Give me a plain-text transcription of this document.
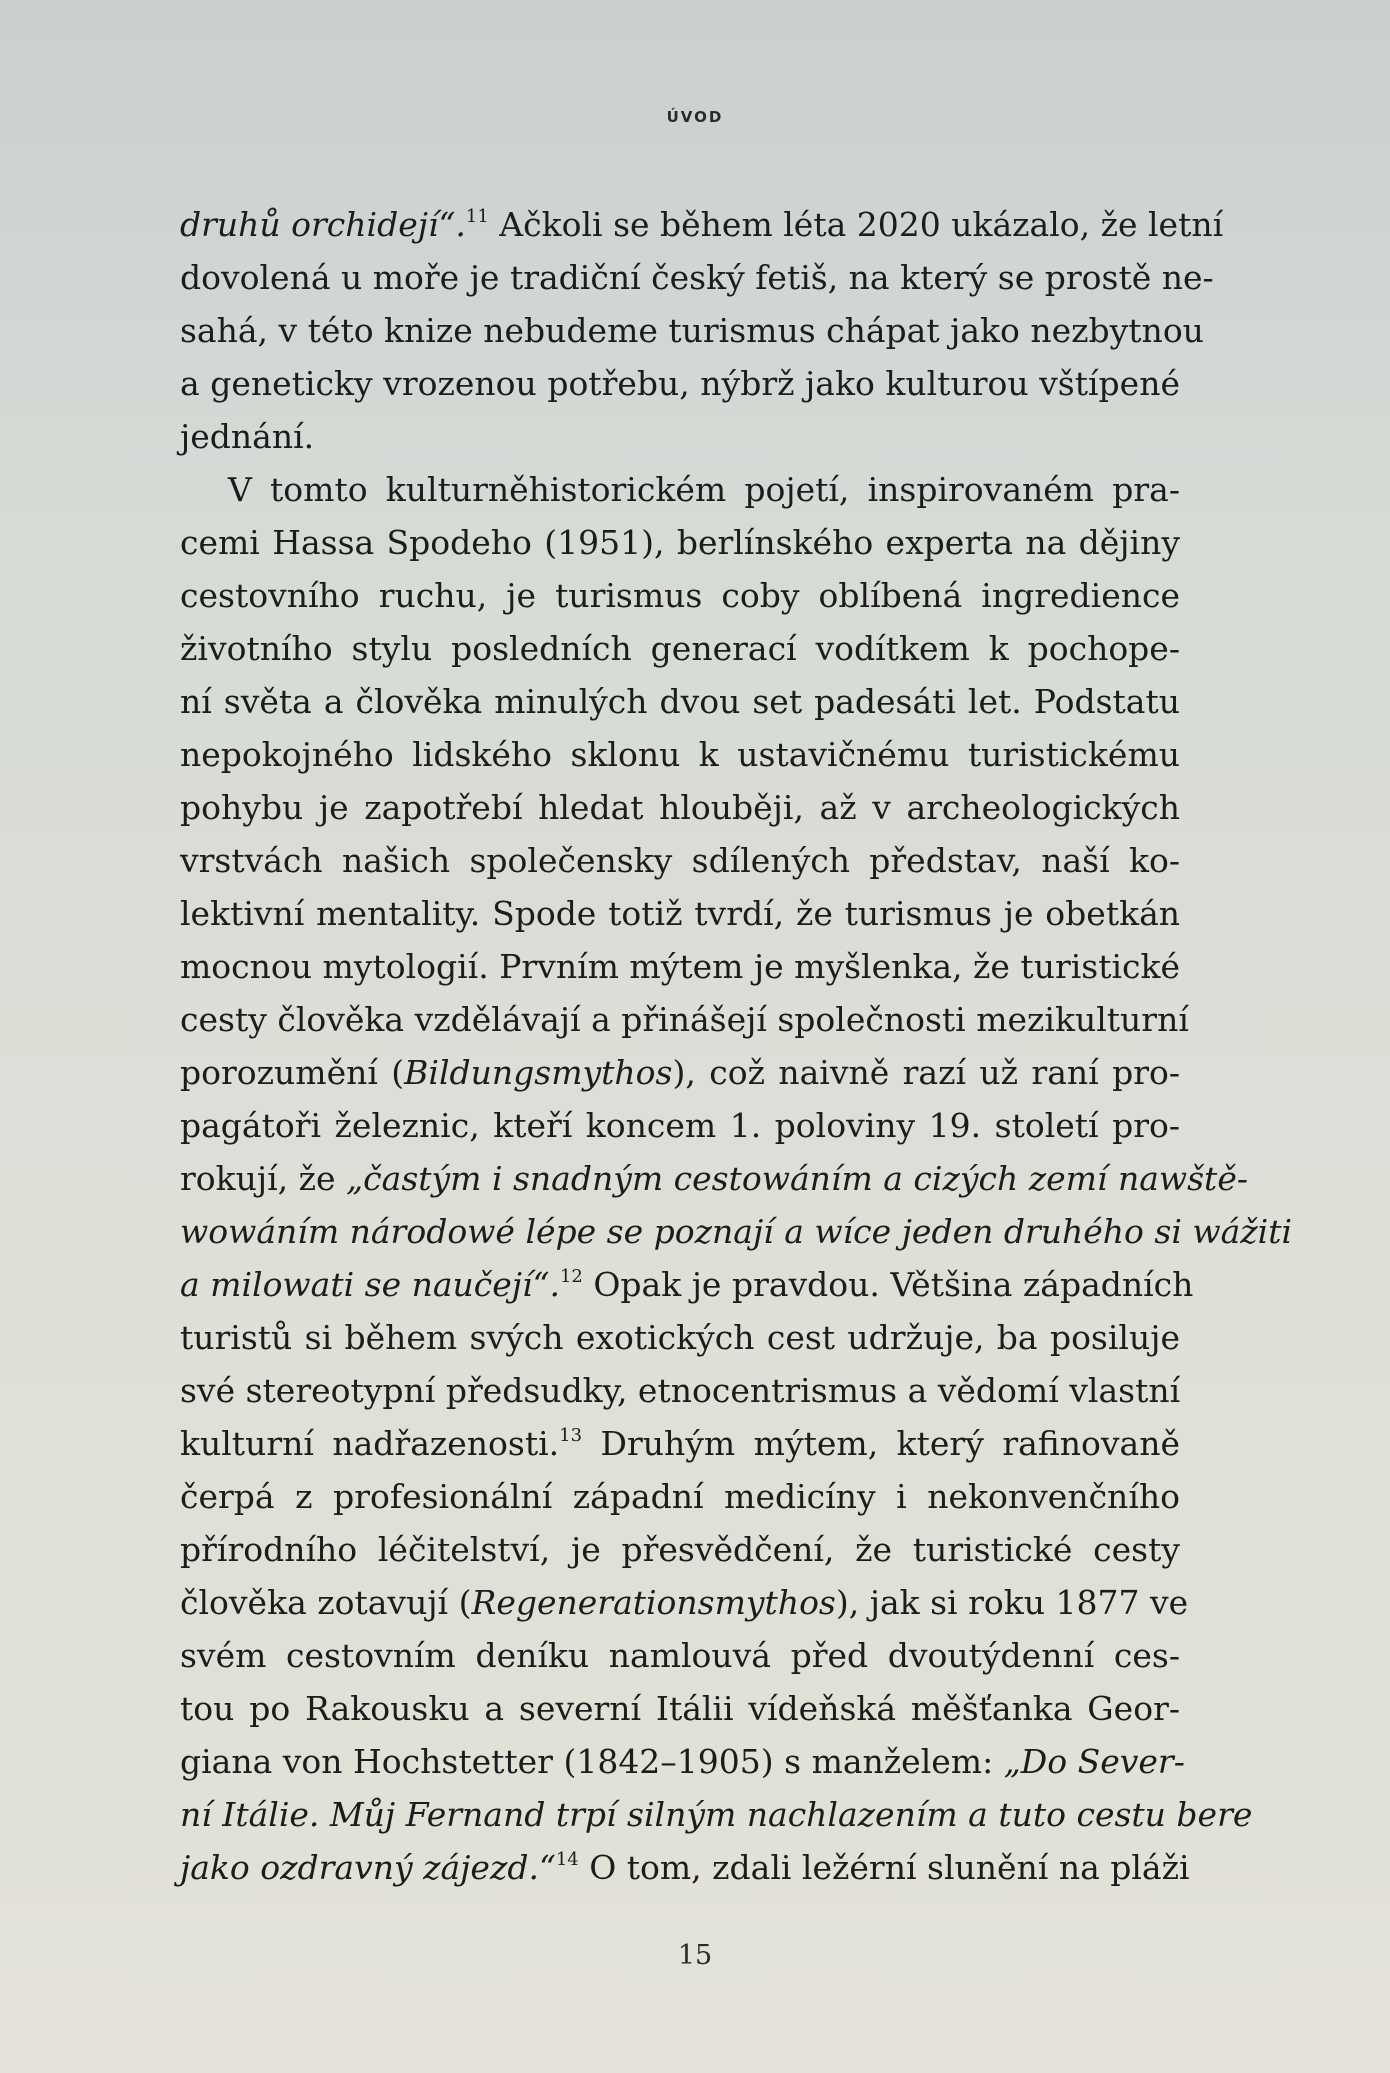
ÚVOD
druhů orchidejí“.$^{11}$ Ačkoli se během léta 2020 ukázalo, že letní
dovolená u moře je tradiční český fetiš, na který se prostě ne-
sahá, v této knize nebudeme turismus chápat jako nezbytnou
a geneticky vrozenou potřebu, nýbrž jako kulturou vštípené
jednání.
V tomto kulturněhistorickém pojetí, inspirovaném pra-
cemi Hassa Spodeho (1951), berlínského experta na dějiny
cestovního ruchu, je turismus coby oblíbená ingredience
životního stylu posledních generací vodítkem k pochope-
ní světa a člověka minulých dvou set padesáti let. Podstatu
nepokojného lidského sklonu k ustavičnému turistickému
pohybu je zapotřebí hledat hlouběji, až v archeologických
vrstvách našich společensky sdílených představ, naší ko-
lektivní mentality. Spode totiž tvrdí, že turismus je obetkán
mocnou mytologií. Prvním mýtem je myšlenka, že turistické
cesty člověka vzdělávají a přinášejí společnosti mezikulturní
porozumění (Bildungsmythos), což naivně razí už raní pro-
pagátoři železnic, kteří koncem 1. poloviny 19. století pro-
rokují, že „častým i snadným cestowáním a cizých zemí nawště-
wowáním národowé lépe se poznají a wíce jeden druhého si wážiti
a milowati se naučejí“.$^{12}$ Opak je pravdou. Většina západních
turistů si během svých exotických cest udržuje, ba posiluje
své stereotypní předsudky, etnocentrismus a vědomí vlastní
kulturní nadřazenosti.$^{13}$ Druhým mýtem, který rafinovaně
čerpá z profesionální západní medicíny i nekonvenčního
přírodního léčitelství, je přesvědčení, že turistické cesty
člověka zotavují (Regenerationsmythos), jak si roku 1877 ve
svém cestovním deníku namlouvá před dvoutýdenní ces-
tou po Rakousku a severní Itálii vídeňská měšťanka Geor-
giana von Hochstetter (1842–1905) s manželem: „Do Sever-
ní Itálie. Můj Fernand trpí silným nachlazením a tuto cestu bere
jako ozdravný zájezd.“$^{14}$ O tom, zdali ležérní slunění na pláži
15
